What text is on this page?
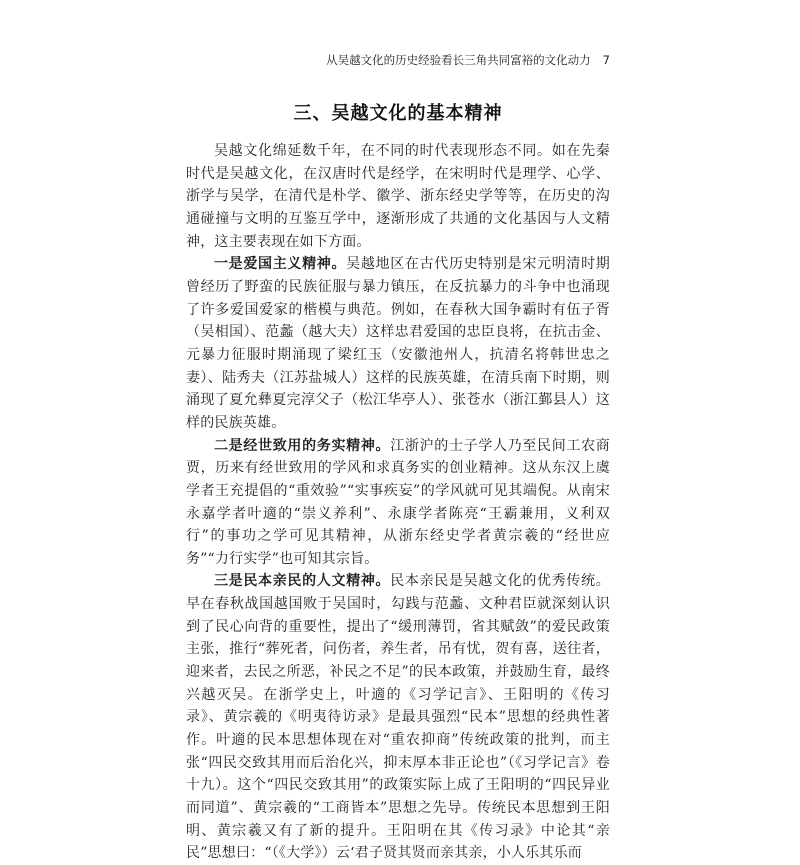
从吴越文化的历史经验看长三角共同富裕的文化动力 7
三、吴越文化的基本精神

吴越文化绵延数千年，在不同的时代表现形态不同。如在先秦时代是吴越文化，在汉唐时代是经学，在宋明时代是理学、心学、浙学与吴学，在清代是朴学、徽学、浙东经史学等等，在历史的沟通碰撞与文明的互鉴互学中，逐渐形成了共通的文化基因与人文精神，这主要表现在如下方面。

一是爱国主义精神。吴越地区在古代历史特别是宋元明清时期曾经历了野蛮的民族征服与暴力镇压，在反抗暴力的斗争中也涌现了许多爱国爱家的楷模与典范。例如，在春秋大国争霸时有伍子胥（吴相国）、范蠡（越大夫）这样忠君爱国的忠臣良将，在抗击金、元暴力征服时期涌现了梁红玉（安徽池州人，抗清名将韩世忠之妻）、陆秀夫（江苏盐城人）这样的民族英雄，在清兵南下时期，则涌现了夏允彝夏完淳父子（松江华亭人）、张苍水（浙江鄞县人）这样的民族英雄。

二是经世致用的务实精神。江浙沪的士子学人乃至民间工农商贾，历来有经世致用的学风和求真务实的创业精神。这从东汉上虞学者王充提倡的“重效验”“实事疾妄”的学风就可见其端倪。从南宋永嘉学者叶適的“崇义养利”、永康学者陈亮“王霸兼用，义利双行”的事功之学可见其精神，从浙东经史学者黄宗羲的“经世应务”“力行实学”也可知其宗旨。

三是民本亲民的人文精神。民本亲民是吴越文化的优秀传统。早在春秋战国越国败于吴国时，勾践与范蠡、文种君臣就深刻认识到了民心向背的重要性，提出了“缓刑薄罚，省其赋敛”的爱民政策主张，推行“葬死者，问伤者，养生者，吊有忧，贺有喜，送往者，迎来者，去民之所恶，补民之不足”的民本政策，并鼓励生育，最终兴越灭吴。在浙学史上，叶適的《习学记言》、王阳明的《传习录》、黄宗羲的《明夷待访录》是最具强烈“民本”思想的经典性著作。叶適的民本思想体现在对“重农抑商”传统政策的批判，而主张“四民交致其用而后治化兴，抑末厚本非正论也”（《习学记言》卷十九）。这个“四民交致其用”的政策实际上成了王阳明的“四民异业而同道”、黄宗羲的“工商皆本”思想之先导。传统民本思想到王阳明、黄宗羲又有了新的提升。王阳明在其《传习录》中论其“亲民”思想曰：“（《大学》）云‘君子贤其贤而亲其亲，小人乐其乐而
